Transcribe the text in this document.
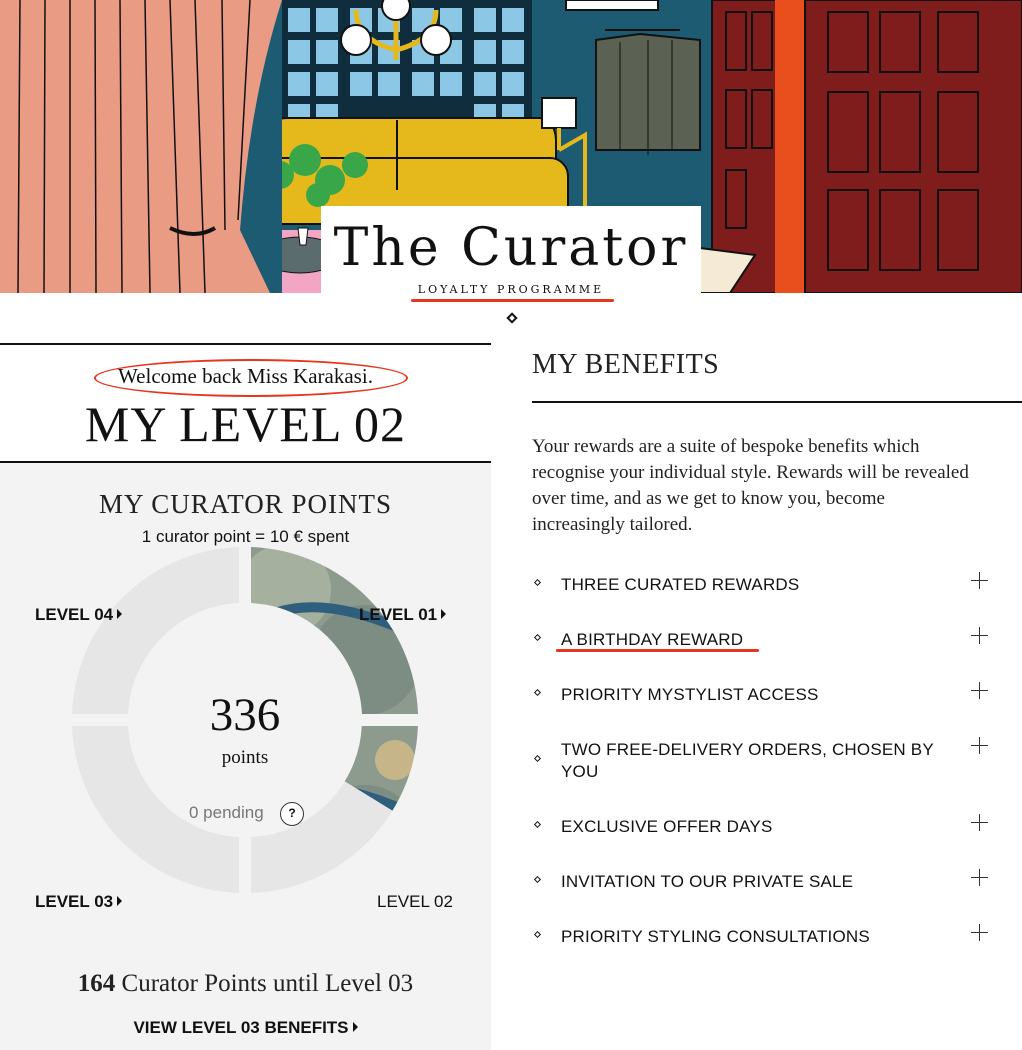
The Curator
LOYALTY PROGRAMME
Welcome back Miss Karakasi.
MY LEVEL 02
MY CURATOR POINTS
1 curator point = 10 € spent
LEVEL 01
LEVEL 02
LEVEL 03
LEVEL 04
336
points
0 pending	?
164 Curator Points until Level 03
VIEW LEVEL 03 BENEFITS
MY BENEFITS
Your rewards are a suite of bespoke benefits which recognise your individual style. Rewards will be revealed over time, and as we get to know you, become increasingly tailored.
THREE CURATED REWARDS
A BIRTHDAY REWARD
PRIORITY MYSTYLIST ACCESS
TWO FREE-DELIVERY ORDERS, CHOSEN BY YOU
EXCLUSIVE OFFER DAYS
INVITATION TO OUR PRIVATE SALE
PRIORITY STYLING CONSULTATIONS
